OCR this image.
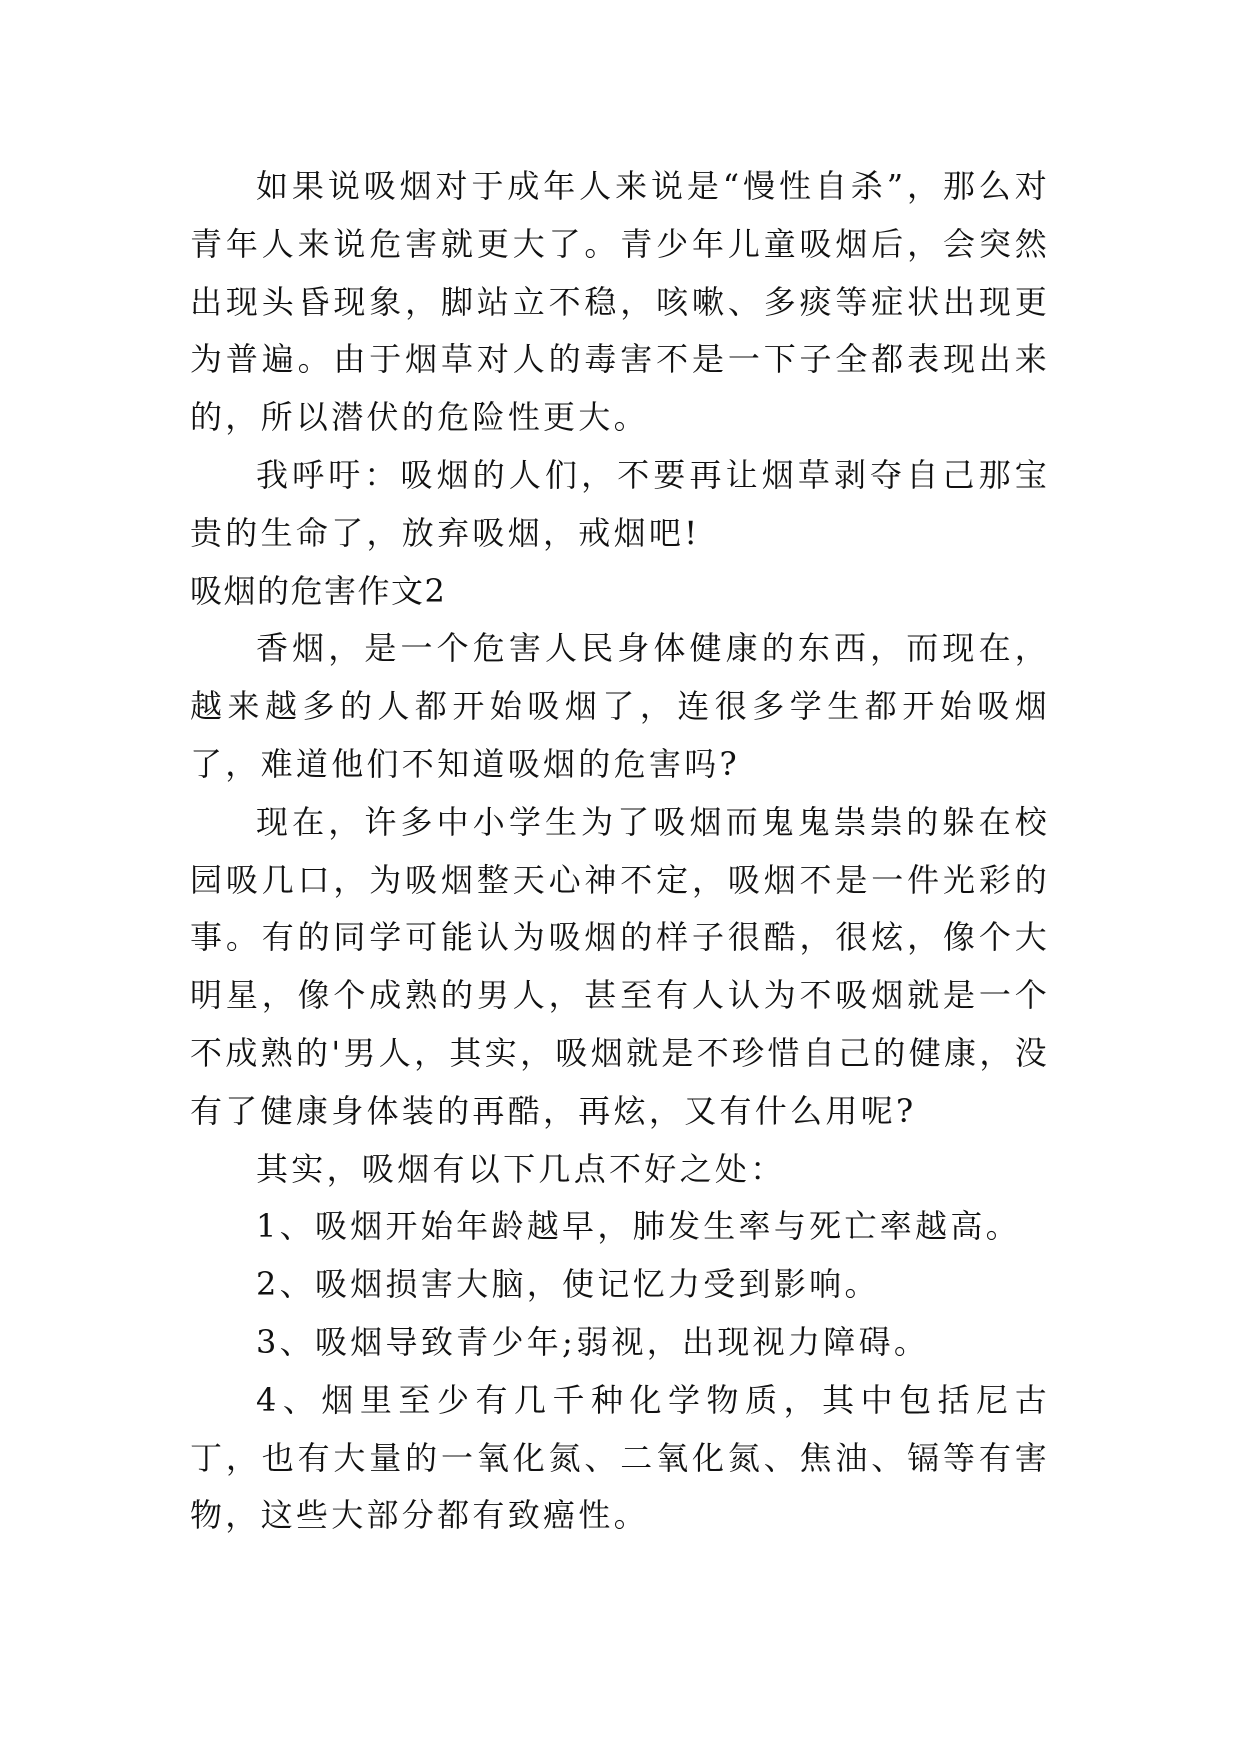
如果说吸烟对于成年人来说是“慢性自杀”，那么对青年人来说危害就更大了。青少年儿童吸烟后，会突然出现头昏现象，脚站立不稳，咳嗽、多痰等症状出现更为普遍。由于烟草对人的毒害不是一下子全都表现出来的，所以潜伏的危险性更大。

我呼吁：吸烟的人们，不要再让烟草剥夺自己那宝贵的生命了，放弃吸烟，戒烟吧!

吸烟的危害作文2

香烟，是一个危害人民身体健康的东西，而现在，越来越多的人都开始吸烟了，连很多学生都开始吸烟了，难道他们不知道吸烟的危害吗?

现在，许多中小学生为了吸烟而鬼鬼祟祟的躲在校园吸几口，为吸烟整天心神不定，吸烟不是一件光彩的事。有的同学可能认为吸烟的样子很酷，很炫，像个大明星，像个成熟的男人，甚至有人认为不吸烟就是一个不成熟的'男人，其实，吸烟就是不珍惜自己的健康，没有了健康身体装的再酷，再炫，又有什么用呢?

其实，吸烟有以下几点不好之处：

1、吸烟开始年龄越早，肺发生率与死亡率越高。

2、吸烟损害大脑，使记忆力受到影响。

3、吸烟导致青少年;弱视，出现视力障碍。

4、烟里至少有几千种化学物质，其中包括尼古丁，也有大量的一氧化氮、二氧化氮、焦油、镉等有害物，这些大部分都有致癌性。
